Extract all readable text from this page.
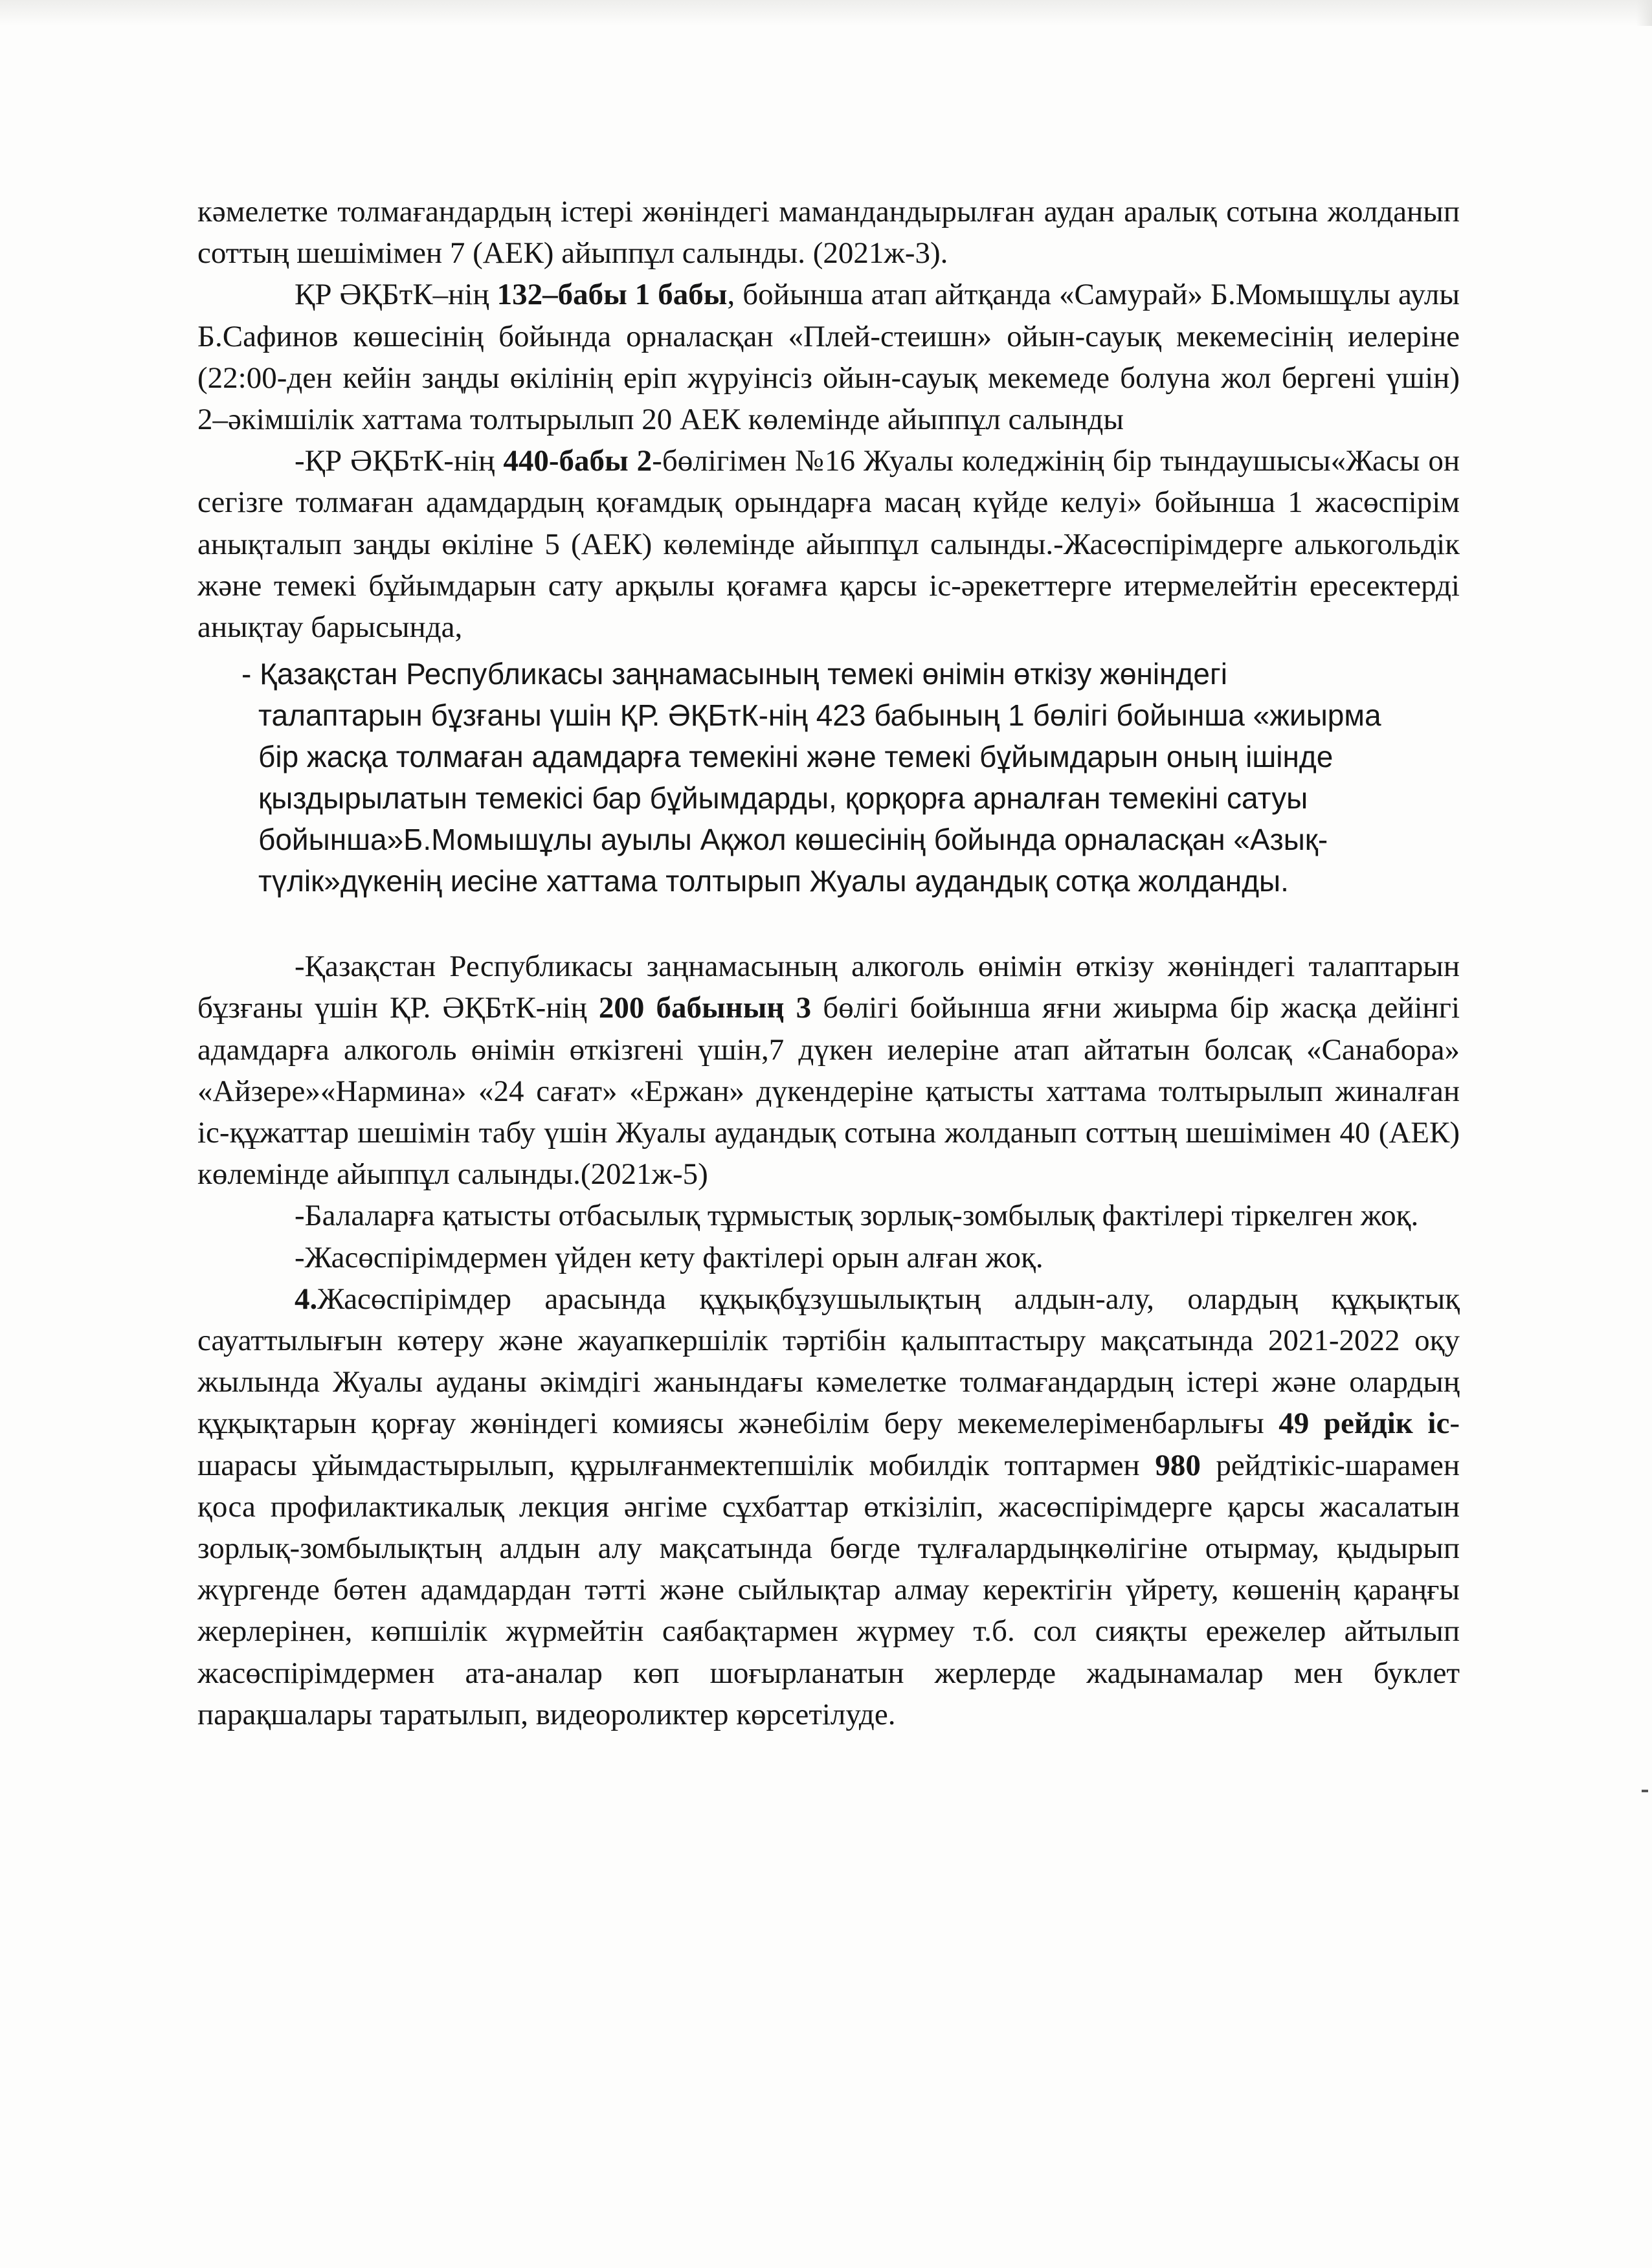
кәмелетке толмағандардың істері жөніндегі мамандандырылған аудан аралық сотына жолданып соттың шешімімен 7 (АЕК) айыппұл салынды. (2021ж-3).

ҚР ӘҚБтК–нің 132–бабы 1 бабы, бойынша атап айтқанда «Самурай» Б.Момышұлы аулы Б.Сафинов көшесінің бойында орналасқан «Плей-стеишн» ойын-сауық мекемесінің иелеріне (22:00-ден кейін заңды өкілінің еріп жүруінсіз ойын-сауық мекемеде болуна жол бергені үшін) 2–әкімшілік хаттама толтырылып 20 АЕК көлемінде айыппұл салынды

-ҚР ӘҚБтК-нің 440-бабы 2-бөлігімен №16 Жуалы коледжінің бір тындаушысы«Жасы он сегізге толмаған адамдардың қоғамдық орындарға масаң күйде келуі» бойынша 1 жасөспірім анықталып заңды өкіліне 5 (АЕК) көлемінде айыппұл салынды.-Жасөспірімдерге алькогольдік және темекі бұйымдарын сату арқылы қоғамға қарсы іс-әрекеттерге итермелейтін ересектерді анықтау барысында,

- Қазақстан Республикасы заңнамасының темекі өнімін өткізу жөніндегі талаптарын бұзғаны үшін ҚР. ӘҚБтК-нің 423 бабының 1 бөлігі бойынша «жиырма бір жасқа толмаған адамдарға темекіні және темекі бұйымдарын оның ішінде қыздырылатын темекісі бар бұйымдарды, қорқорға арналған темекіні сатуы бойынша»Б.Момышұлы ауылы Ақжол көшесінің бойында орналасқан «Азық-түлік»дүкенің иесіне хаттама толтырып Жуалы аудандық сотқа жолданды.

-Қазақстан Республикасы заңнамасының алкоголь өнімін өткізу жөніндегі талаптарын бұзғаны үшін ҚР. ӘҚБтК-нің 200 бабының 3 бөлігі бойынша яғни жиырма бір жасқа дейінгі адамдарға алкоголь өнімін өткізгені үшін,7 дүкен иелеріне атап айтатын болсақ «Санабора» «Айзере»«Нармина» «24 сағат» «Ержан» дүкендеріне қатысты хаттама толтырылып жиналған іс-құжаттар шешімін табу үшін Жуалы аудандық сотына жолданып соттың шешімімен 40 (АЕК) көлемінде айыппұл салынды.(2021ж-5)

-Балаларға қатысты отбасылық тұрмыстық зорлық-зомбылық фактілері тіркелген жоқ.

-Жасөспірімдермен үйден кету фактілері орын алған жоқ.

4.Жасөспірімдер арасында құқықбұзушылықтың алдын-алу, олардың құқықтық сауаттылығын көтеру және жауапкершілік тәртібін қалыптастыру мақсатында 2021-2022 оқу жылында Жуалы ауданы әкімдігі жанындағы кәмелетке толмағандардың істері және олардың құқықтарын қорғау жөніндегі комиясы жәнебілім беру мекемелеріменбарлығы 49 рейдік іс-шарасы ұйымдастырылып, құрылғанмектепшілік мобилдік топтармен 980 рейдтікіс-шарамен қоса профилактикалық лекция әнгіме сұхбаттар өткізіліп, жасөспірімдерге қарсы жасалатын зорлық-зомбылықтың алдын алу мақсатында бөгде тұлғалардыңкөлігіне отырмау, қыдырып жүргенде бөтен адамдардан тәтті және сыйлықтар алмау керектігін үйрету, көшенің қараңғы жерлерінен, көпшілік жүрмейтін саябақтармен жүрмеу т.б. сол сияқты ережелер айтылып жасөспірімдермен ата-аналар көп шоғырланатын жерлерде жадынамалар мен буклет парақшалары таратылып, видеороликтер көрсетілуде.
